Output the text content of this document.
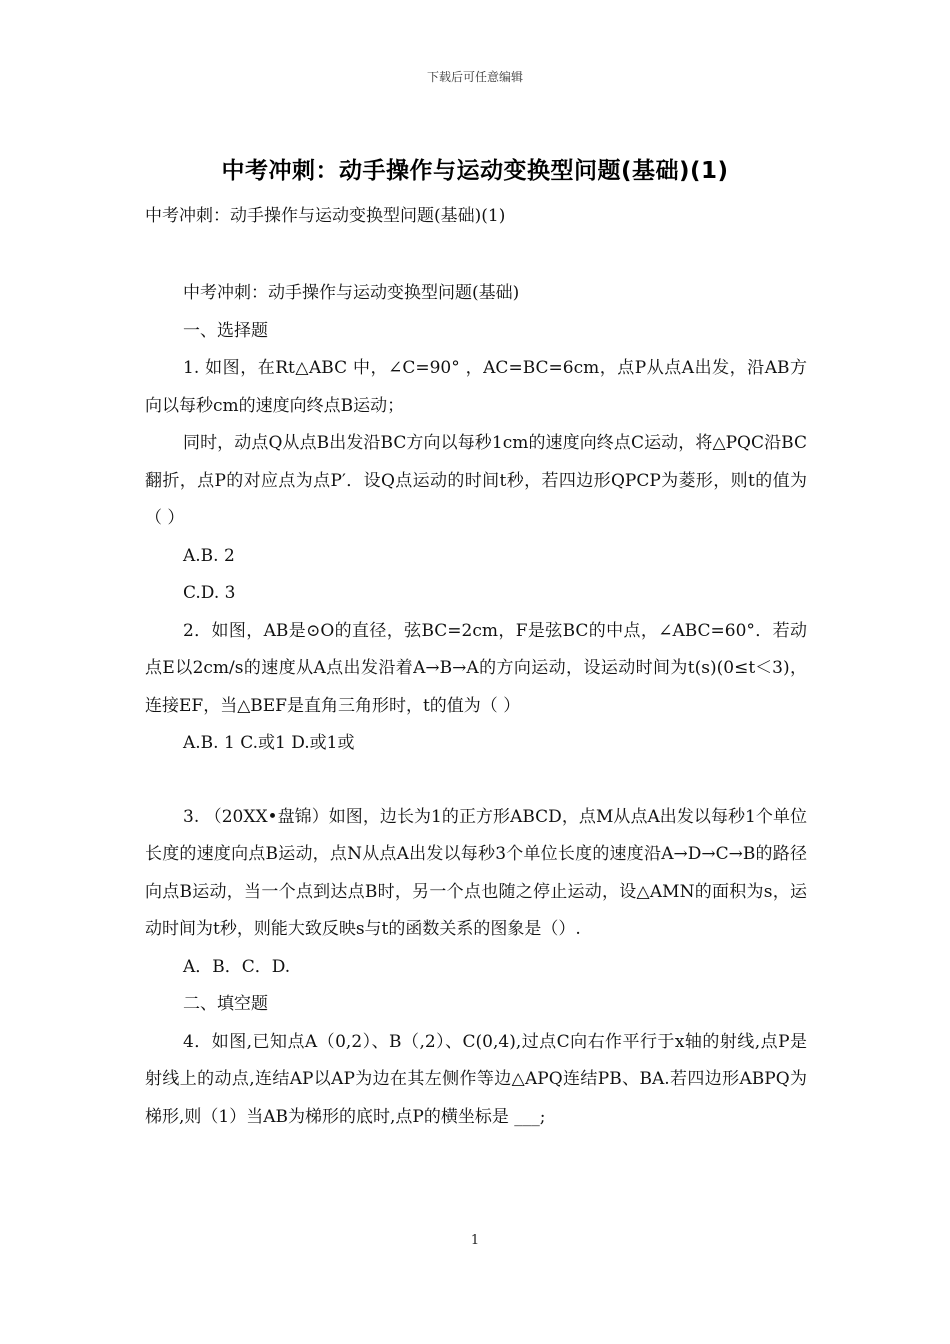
下载后可任意编辑
中考冲刺：动手操作与运动变换型问题(基础)(1)
中考冲刺：动手操作与运动变换型问题(基础)(1)

中考冲刺：动手操作与运动变换型问题(基础)

一、选择题

1. 如图，在Rt△ABC 中，∠C=90° ，AC=BC=6cm，点P从点A出发，沿AB方向以每秒cm的速度向终点B运动；

同时，动点Q从点B出发沿BC方向以每秒1cm的速度向终点C运动，将△PQC沿BC翻折，点P的对应点为点P′．设Q点运动的时间t秒，若四边形QPCP为菱形，则t的值为（ ）

A.B. 2

C.D. 3

2．如图，AB是⊙O的直径，弦BC=2cm，F是弦BC的中点，∠ABC=60°．若动点E以2cm/s的速度从A点出发沿着A→B→A的方向运动，设运动时间为t(s)(0≤t＜3)，连接EF，当△BEF是直角三角形时，t的值为（ ）

A.B. 1 C.或1 D.或1或

3. （20XX•盘锦）如图，边长为1的正方形ABCD，点M从点A出发以每秒1个单位长度的速度向点B运动，点N从点A出发以每秒3个单位长度的速度沿A→D→C→B的路径向点B运动，当一个点到达点B时，另一个点也随之停止运动，设△AMN的面积为s，运动时间为t秒，则能大致反映s与t的函数关系的图象是（）.

A．B．C．D.

二、填空题

4．如图,已知点A（0,2）、B（,2）、C(0,4),过点C向右作平行于x轴的射线,点P是射线上的动点,连结AP以AP为边在其左侧作等边△APQ连结PB、BA.若四边形ABPQ为梯形,则（1）当AB为梯形的底时,点P的横坐标是 ___;

1
